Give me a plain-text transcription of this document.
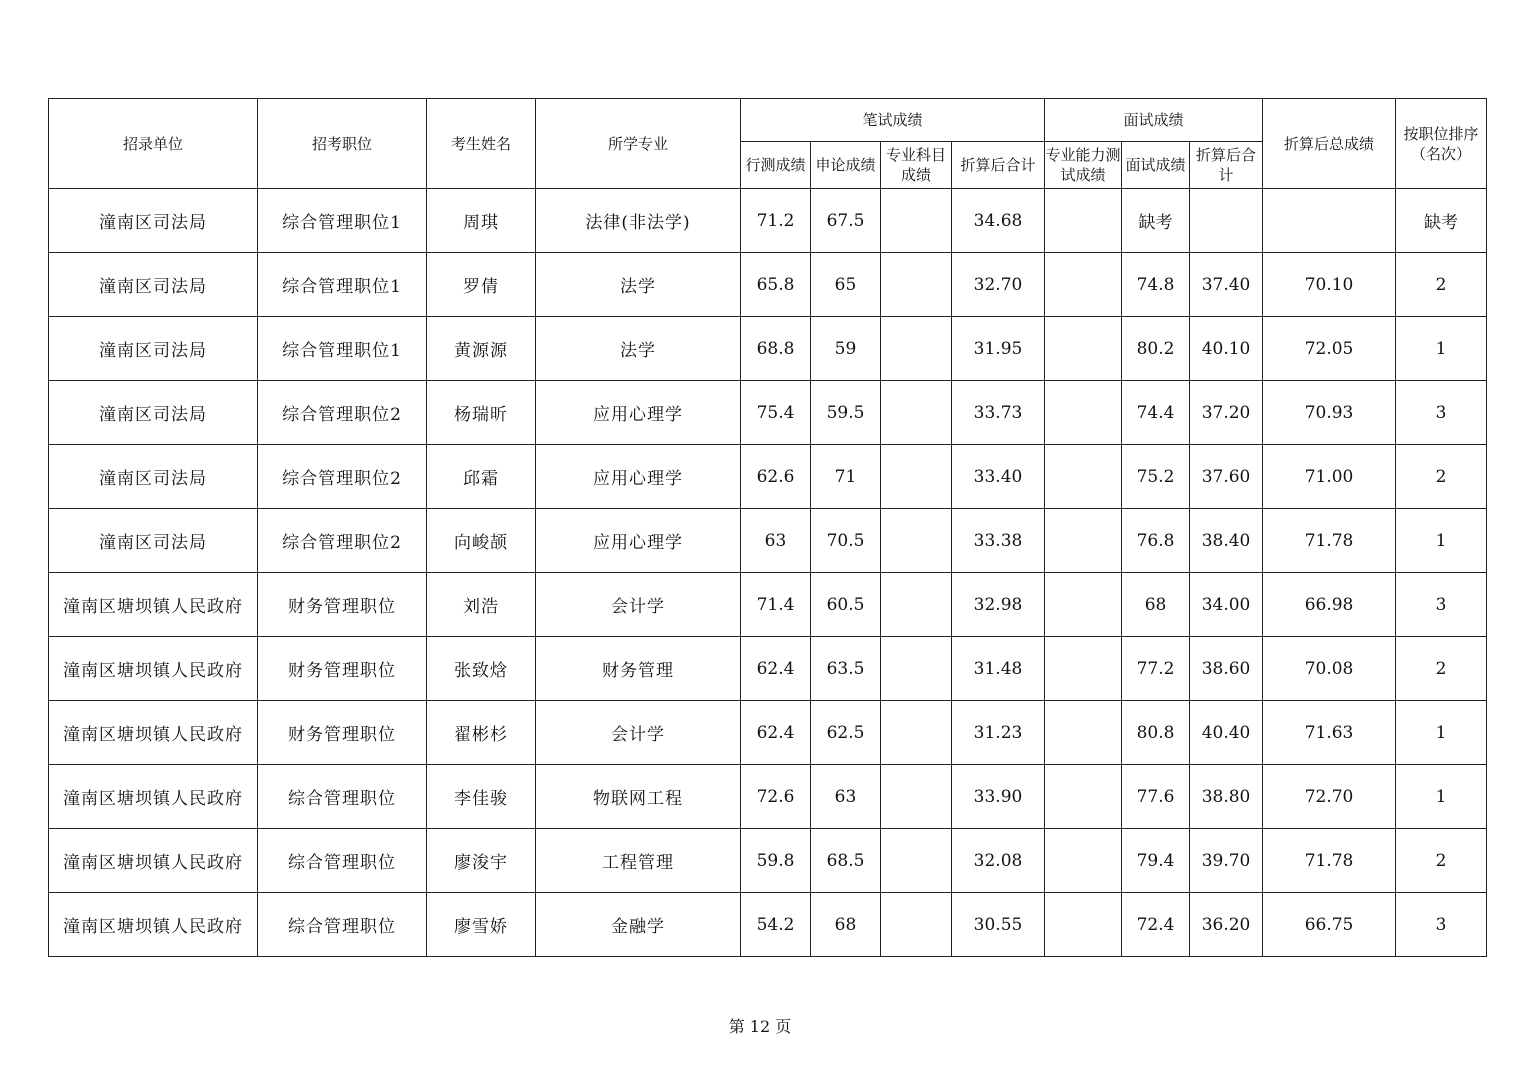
招录单位	招考职位	考生姓名	所学专业	笔试成绩				面试成绩			折算后总成绩	按职位排序（名次）
				行测成绩	申论成绩	专业科目成绩	折算后合计	专业能力测试成绩	面试成绩	折算后合计		
潼南区司法局	综合管理职位1	周琪	法律(非法学)	71.2	67.5		34.68		缺考			缺考
潼南区司法局	综合管理职位1	罗倩	法学	65.8	65		32.70		74.8	37.40	70.10	2
潼南区司法局	综合管理职位1	黄源源	法学	68.8	59		31.95		80.2	40.10	72.05	1
潼南区司法局	综合管理职位2	杨瑞昕	应用心理学	75.4	59.5		33.73		74.4	37.20	70.93	3
潼南区司法局	综合管理职位2	邱霜	应用心理学	62.6	71		33.40		75.2	37.60	71.00	2
潼南区司法局	综合管理职位2	向峻颉	应用心理学	63	70.5		33.38		76.8	38.40	71.78	1
潼南区塘坝镇人民政府	财务管理职位	刘浩	会计学	71.4	60.5		32.98		68	34.00	66.98	3
潼南区塘坝镇人民政府	财务管理职位	张致焓	财务管理	62.4	63.5		31.48		77.2	38.60	70.08	2
潼南区塘坝镇人民政府	财务管理职位	翟彬杉	会计学	62.4	62.5		31.23		80.8	40.40	71.63	1
潼南区塘坝镇人民政府	综合管理职位	李佳骏	物联网工程	72.6	63		33.90		77.6	38.80	72.70	1
潼南区塘坝镇人民政府	综合管理职位	廖浚宇	工程管理	59.8	68.5		32.08		79.4	39.70	71.78	2
潼南区塘坝镇人民政府	综合管理职位	廖雪娇	金融学	54.2	68		30.55		72.4	36.20	66.75	3
第 12 页
